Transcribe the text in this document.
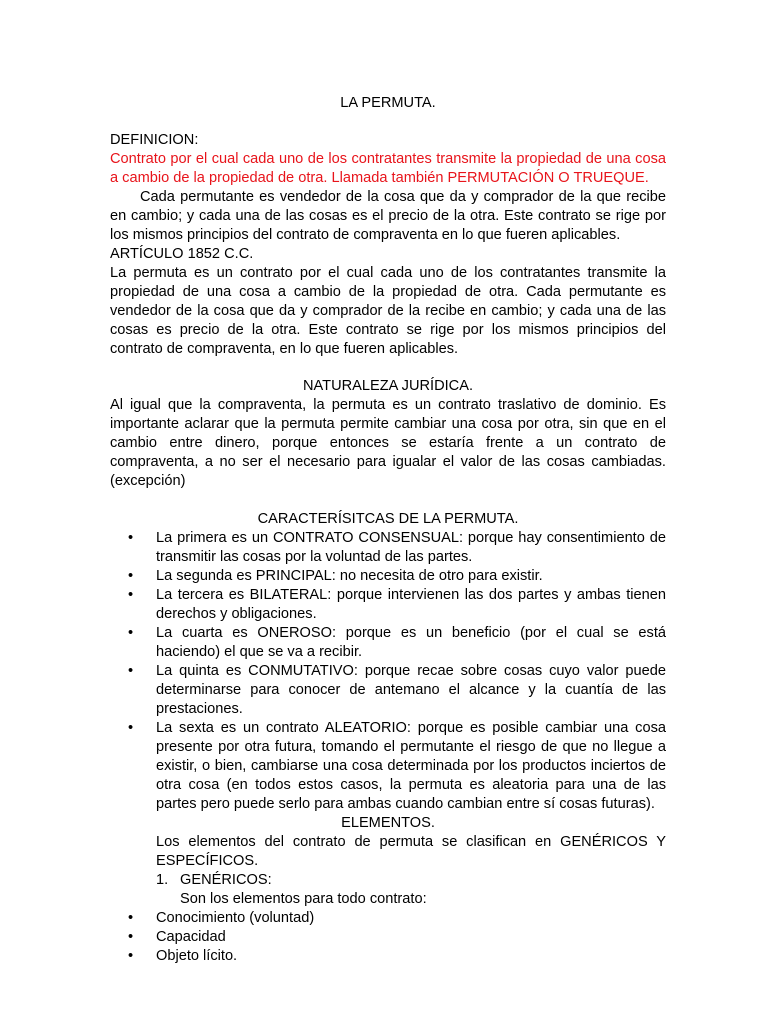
LA PERMUTA.

DEFINICION:

Contrato por el cual cada uno de los contratantes transmite la propiedad de una cosa a cambio de la propiedad de otra. Llamada también PERMUTACIÓN O TRUEQUE.

Cada permutante es vendedor de la cosa que da y comprador de la que recibe en cambio; y cada una de las cosas es el precio de la otra. Este contrato se rige por los mismos principios del contrato de compraventa en lo que fueren aplicables.

ARTÍCULO 1852 C.C.

La permuta es un contrato por el cual cada uno de los contratantes transmite la propiedad de una cosa a cambio de la propiedad de otra. Cada permutante es vendedor de la cosa que da y comprador de la recibe en cambio; y cada una de las cosas es precio de la otra. Este contrato se rige por los mismos principios del contrato de compraventa, en lo que fueren aplicables.

NATURALEZA JURÍDICA.

Al igual que la compraventa, la permuta es un contrato traslativo de dominio. Es importante aclarar que la permuta permite cambiar una cosa por otra, sin que en el cambio entre dinero, porque entonces se estaría frente a un contrato de compraventa, a no ser el necesario para igualar el valor de las cosas cambiadas. (excepción)

CARACTERÍSITCAS DE LA PERMUTA.

• La primera es un CONTRATO CONSENSUAL: porque hay consentimiento de transmitir las cosas por la voluntad de las partes.
• La segunda es PRINCIPAL: no necesita de otro para existir.
• La tercera es BILATERAL: porque intervienen las dos partes y ambas tienen derechos y obligaciones.
• La cuarta es ONEROSO: porque es un beneficio (por el cual se está haciendo) el que se va a recibir.
• La quinta es CONMUTATIVO: porque recae sobre cosas cuyo valor puede determinarse para conocer de antemano el alcance y la cuantía de las prestaciones.
• La sexta es un contrato ALEATORIO: porque es posible cambiar una cosa presente por otra futura, tomando el permutante el riesgo de que no llegue a existir, o bien, cambiarse una cosa determinada por los productos inciertos de otra cosa (en todos estos casos, la permuta es aleatoria para una de las partes pero puede serlo para ambas cuando cambian entre sí cosas futuras).

ELEMENTOS.

Los elementos del contrato de permuta se clasifican en GENÉRICOS Y ESPECÍFICOS.

1. GENÉRICOS:

Son los elementos para todo contrato:

• Conocimiento (voluntad)
• Capacidad
• Objeto lícito.
